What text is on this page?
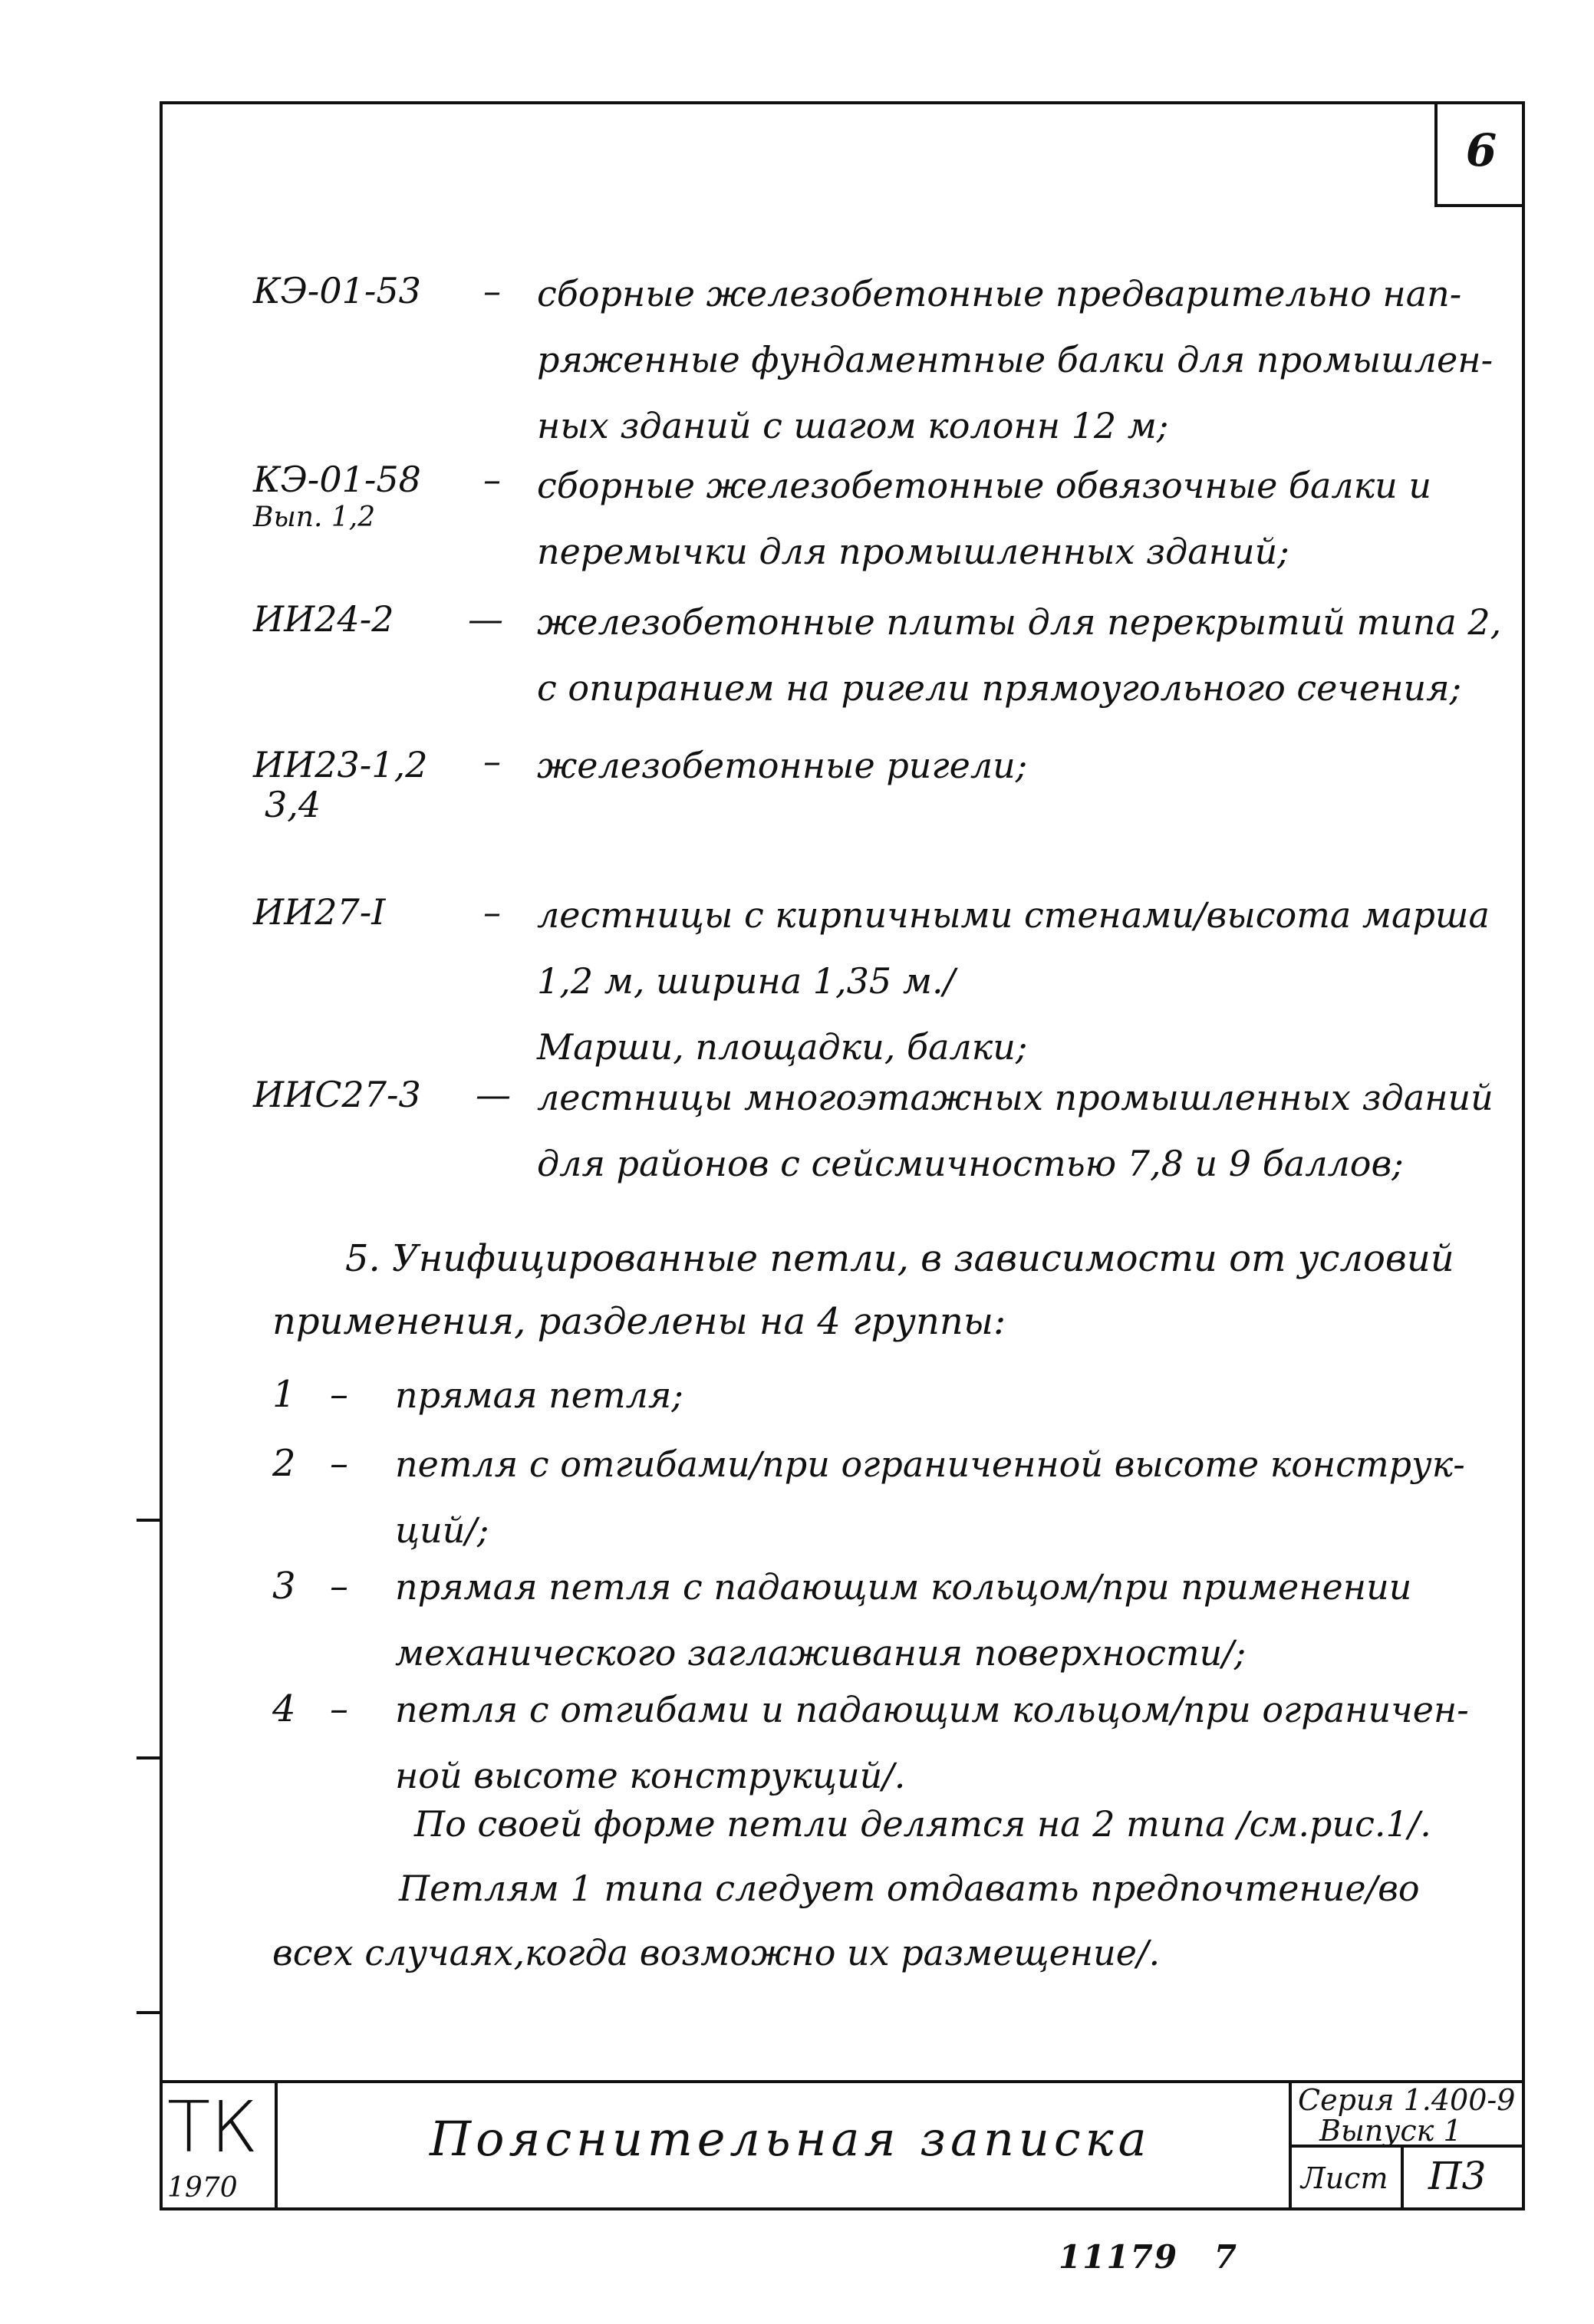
6
КЭ-01-53 – сборные железобетонные предварительно нап-
ряженные фундаментные балки для промышлен-
ных зданий с шагом колонн 12 м;
КЭ-01-58
Вып. 1,2
– сборные железобетонные обвязочные балки и
перемычки для промышленных зданий;
ИИ24-2 — железобетонные плиты для перекрытий типа 2,
с опиранием на ригели прямоугольного сечения;
ИИ23-1,2
3,4
– железобетонные ригели;
ИИ27-I	– лестницы с кирпичными стенами/высота марша
1,2 м, ширина 1,35 м./
Марши, площадки, балки;
ИИС27-3 — лестницы многоэтажных промышленных зданий
для районов с сейсмичностью 7,8 и 9 баллов;
5. Унифицированные петли, в зависимости от условий
применения, разделены на 4 группы:
1 – прямая петля;
2 – петля с отгибами/при ограниченной высоте конструк-
ций/;
3 – прямая петля с падающим кольцом/при применении
механического заглаживания поверхности/;
4 – петля с отгибами и падающим кольцом/при ограничен-
ной высоте конструкций/.
По своей форме петли делятся на 2 типа /см.рис.1/.
Петлям 1 типа следует отдавать предпочтение/во
всех случаях,когда возможно их размещение/.
ТК
1970
Пояснительная записка
Серия 1.400-9
Выпуск 1
Лист П3
11179 7
